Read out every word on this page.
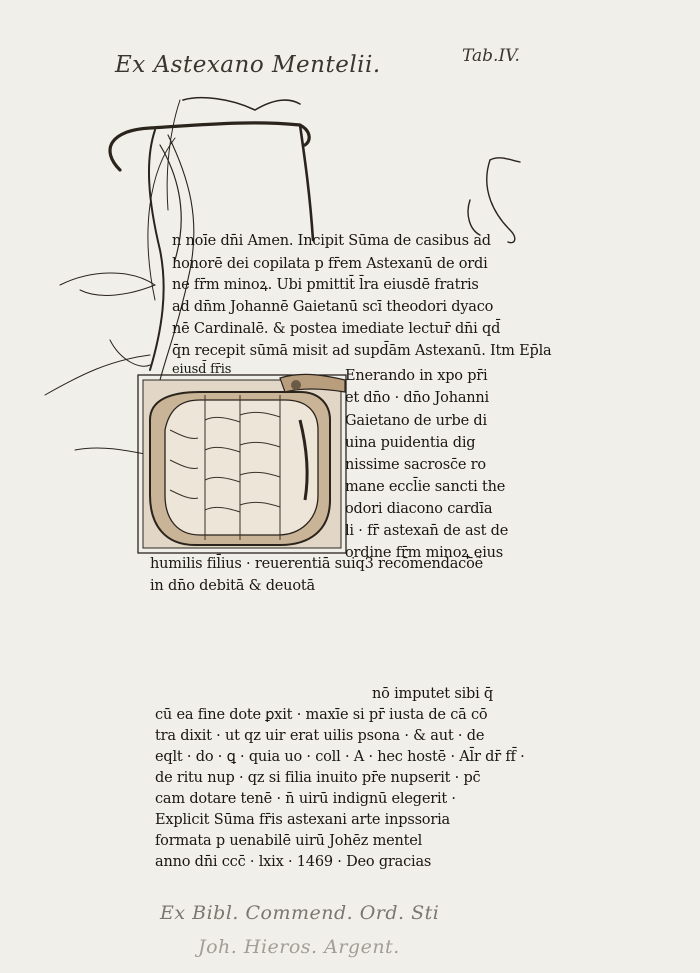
Ex Astexano Mentelii.	Tab.IV.
n noīe dn̄i Amen. Incipit Sūma de casibus ad
honorē dei copilata p fr̄em Astexanū de ordi
ne fr̄m minoꝝ. Ubi pmittit̄ l̄ra eiusdē fratris
ad dn̄m Johannē Gaietanū scī theodori dyaco
nē Cardinalē. & postea imediate lectur̄ dn̄i qd̄
q̄n recepit sūmā misit ad supd̄ām Astexanū. Itm Ep̄la
eiusd̄ fr̄is	Enerando in xpo pr̄i
et dn̄o · dn̄o Johanni
Gaietano de urbe di
uina puidentia dig
nissime sacrosc̄e ro
mane eccl̄ie sancti the
odori diacono cardīa
li · fr̄ astexan̄ de ast de
ordine fr̄m minoꝝ eius
humilis fil̄ius · reuerentiā suiq3 recōmendacōẽ
in dn̄o debitā & deuotā
nō imputet sibi q̄
cū ea fine dote ꝑxit · maxīe si pr̄ iusta de cā cō
tra dixit · ut qz uir erat uilis psona · & aut · de
eqlt · do · ꝗ · quia uo · coll · A · hec hostē · Al̄r dr̄ ff̄ ·
de ritu nup · qz si filia inuito pr̄e nupserit · pc̄
cam dotare tenē · n̄ uirū indignū elegerit ·
Explicit Sūma fr̄is astexani arte inpssoria
formata p uenabilē uirū Johēz mentel
anno dn̄i ccc̄ · lxix · 1469 · Deo gracias
Ex Bibl. Commend. Ord. Sti
Joh. Hieros. Argent.
